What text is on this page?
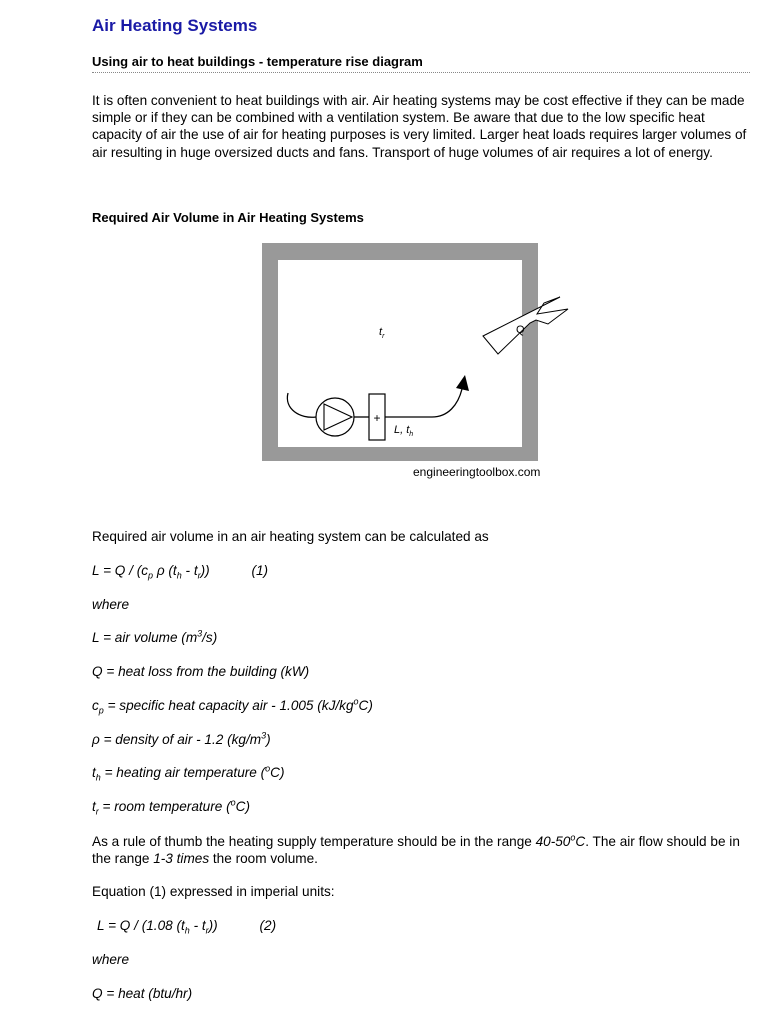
Air Heating Systems
Using air to heat buildings - temperature rise diagram

It is often convenient to heat buildings with air. Air heating systems may be cost effective if they can be made simple or if they can be combined with a ventilation system. Be aware that due to the low specific heat capacity of air the use of air for heating purposes is very limited. Larger heat loads requires larger volumes of air resulting in huge oversized ducts and fans. Transport of huge volumes of air requires a lot of energy.

Required Air Volume in Air Heating Systems
Required air volume in an air heating system can be calculated as
$L = Q / (c_p$ ρ $(t_h - t_r)$)	(1)
where
L = air volume $(m^3/s)$
Q = heat loss from the building (kW)
$c_p$ = specific heat capacity air - 1.005 $(kJ/kg^oC)$
ρ = density of air - 1.2 $(kg/m^3)$
$t_h$ = heating air temperature ($^o$C)
$t_r$ = room temperature ($^o$C)
As a rule of thumb the heating supply temperature should be in the range 40-50$^o$C. The air flow should be in the range 1-3 times the room volume.
Equation (1) expressed in imperial units:
L = Q / (1.08 $(t_h - t_r)$)	(2)
where
Q = heat (btu/hr)
$t_r$
Q
+
L, $t_h$
engineeringtoolbox.com
